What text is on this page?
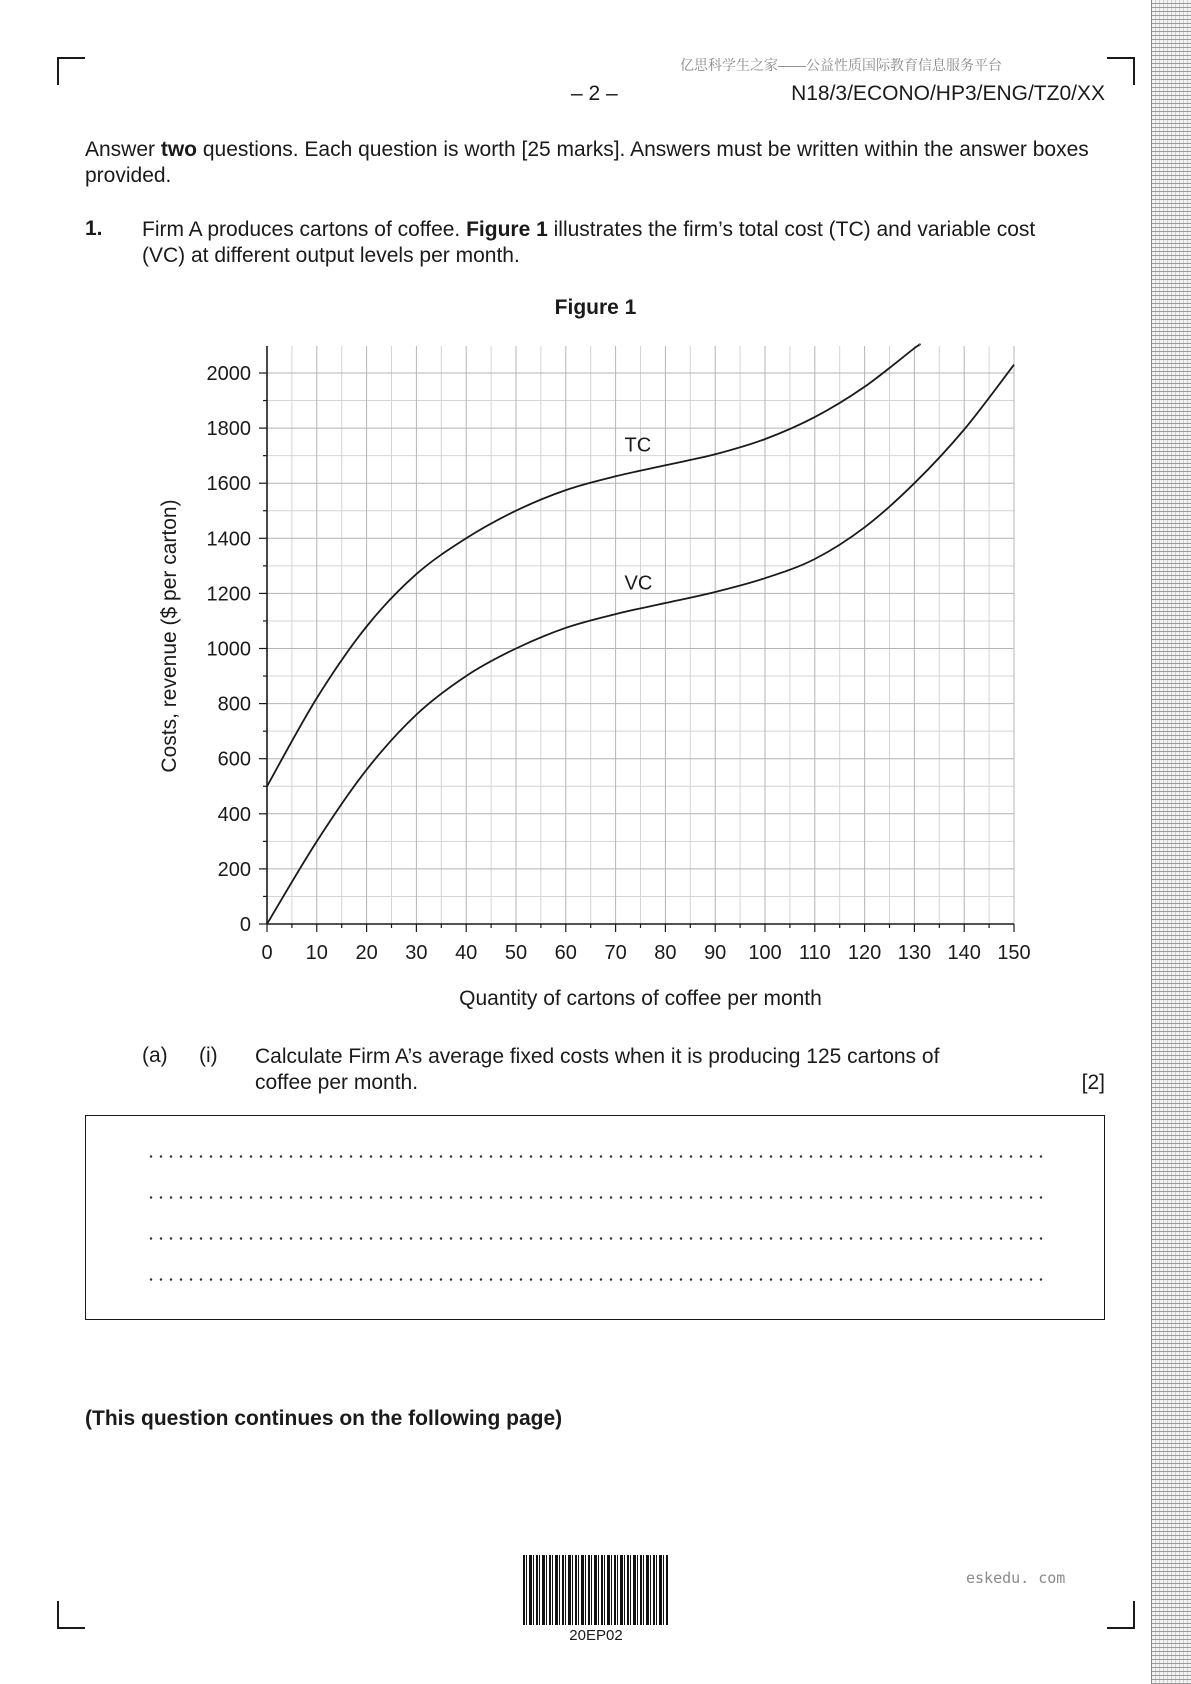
亿思科学生之家——公益性质国际教育信息服务平台
– 2 –	N18/3/ECONO/HP3/ENG/TZ0/XX
Answer two questions. Each question is worth [25 marks]. Answers must be written within the answer boxes provided.
1. Firm A produces cartons of coffee. Figure 1 illustrates the firm’s total cost (TC) and variable cost (VC) at different output levels per month.
Figure 1
0
200
400
600
800
1000
1200
1400
1600
1800
2000
0 10 20 30 40 50 60 70 80 90 100 110 120 130 140 150
TC
VC
Quantity of cartons of coffee per month
Costs, revenue ($ per carton)
(a) (i) Calculate Firm A’s average fixed costs when it is producing 125 cartons of coffee per month.	[2]
(This question continues on the following page)
20EP02
eskedu. com
